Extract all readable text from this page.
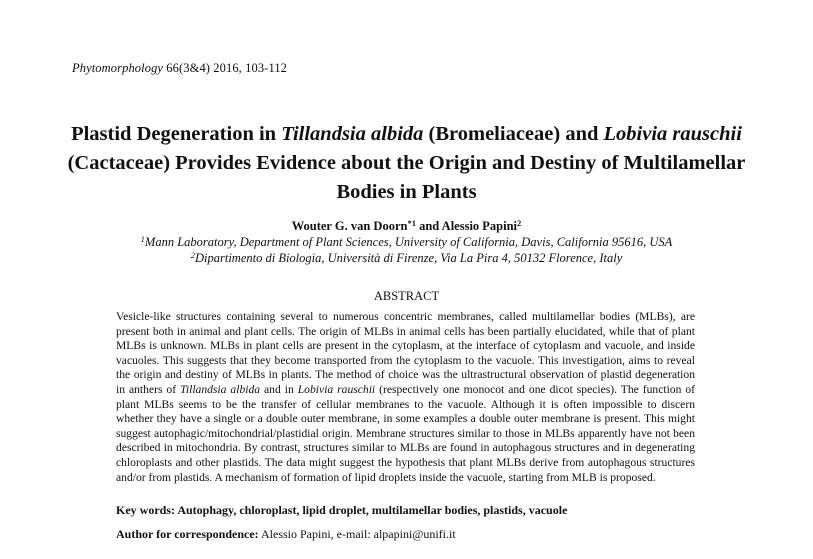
Phytomorphology 66(3&4) 2016, 103-112
Plastid Degeneration in Tillandsia albida (Bromeliaceae) and Lobivia rauschii (Cactaceae) Provides Evidence about the Origin and Destiny of Multilamellar Bodies in Plants
Wouter G. van Doorn$^{*1}$ and Alessio Papini$^2$
$^1$Mann Laboratory, Department of Plant Sciences, University of California, Davis, California 95616, USA
$^2$Dipartimento di Biologia, Università di Firenze, Via La Pira 4, 50132 Florence, Italy
ABSTRACT
Vesicle-like structures containing several to numerous concentric membranes, called multilamellar bodies (MLBs), are present both in animal and plant cells. The origin of MLBs in animal cells has been partially elucidated, while that of plant MLBs is unknown. MLBs in plant cells are present in the cytoplasm, at the interface of cytoplasm and vacuole, and inside vacuoles. This suggests that they become transported from the cytoplasm to the vacuole. This investigation, aims to reveal the origin and destiny of MLBs in plants. The method of choice was the ultrastructural observation of plastid degeneration in anthers of Tillandsia albida and in Lobivia rauschii (respectively one monocot and one dicot species). The function of plant MLBs seems to be the transfer of cellular membranes to the vacuole. Although it is often impossible to discern whether they have a single or a double outer membrane, in some examples a double outer membrane is present. This might suggest autophagic/mitochondrial/plastidial origin. Membrane structures similar to those in MLBs apparently have not been described in mitochondria. By contrast, structures similar to MLBs are found in autophagous structures and in degenerating chloroplasts and other plastids. The data might suggest the hypothesis that plant MLBs derive from autophagous structures and/or from plastids. A mechanism of formation of lipid droplets inside the vacuole, starting from MLB is proposed.
Key words: Autophagy, chloroplast, lipid droplet, multilamellar bodies, plastids, vacuole
Author for correspondence: Alessio Papini, e-mail: alpapini@unifi.it
